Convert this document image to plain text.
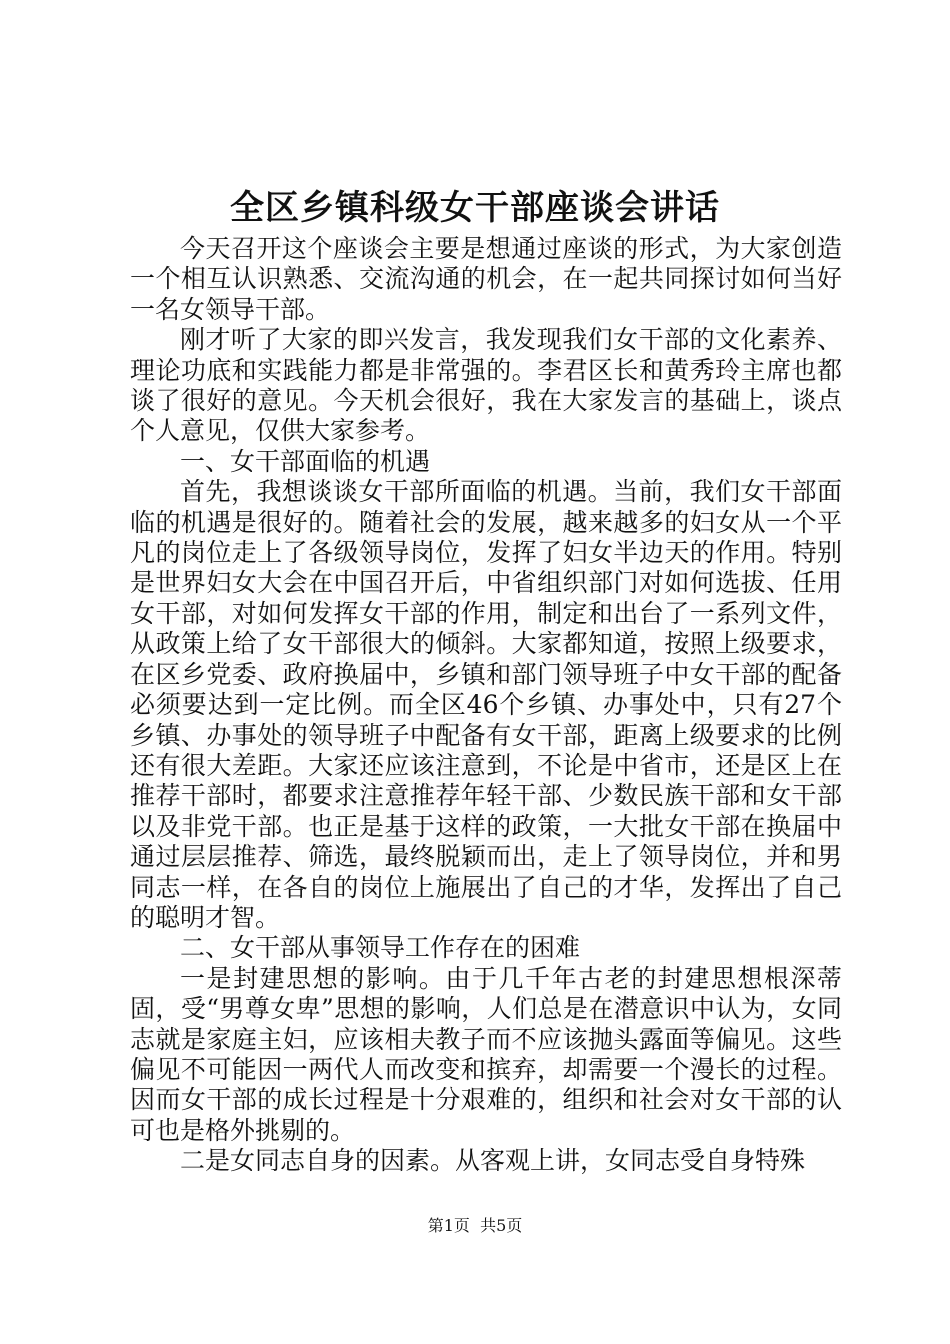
全区乡镇科级女干部座谈会讲话

今天召开这个座谈会主要是想通过座谈的形式，为大家创造一个相互认识熟悉、交流沟通的机会，在一起共同探讨如何当好一名女领导干部。

刚才听了大家的即兴发言，我发现我们女干部的文化素养、理论功底和实践能力都是非常强的。李君区长和黄秀玲主席也都谈了很好的意见。今天机会很好，我在大家发言的基础上，谈点个人意见，仅供大家参考。

一、女干部面临的机遇

首先，我想谈谈女干部所面临的机遇。当前，我们女干部面临的机遇是很好的。随着社会的发展，越来越多的妇女从一个平凡的岗位走上了各级领导岗位，发挥了妇女半边天的作用。特别是世界妇女大会在中国召开后，中省组织部门对如何选拔、任用女干部，对如何发挥女干部的作用，制定和出台了一系列文件，从政策上给了女干部很大的倾斜。大家都知道，按照上级要求，在区乡党委、政府换届中，乡镇和部门领导班子中女干部的配备必须要达到一定比例。而全区46个乡镇、办事处中，只有27个乡镇、办事处的领导班子中配备有女干部，距离上级要求的比例还有很大差距。大家还应该注意到，不论是中省市，还是区上在推荐干部时，都要求注意推荐年轻干部、少数民族干部和女干部以及非党干部。也正是基于这样的政策，一大批女干部在换届中通过层层推荐、筛选，最终脱颖而出，走上了领导岗位，并和男同志一样，在各自的岗位上施展出了自己的才华，发挥出了自己的聪明才智。

二、女干部从事领导工作存在的困难

一是封建思想的影响。由于几千年古老的封建思想根深蒂固，受“男尊女卑”思想的影响，人们总是在潜意识中认为，女同志就是家庭主妇，应该相夫教子而不应该抛头露面等偏见。这些偏见不可能因一两代人而改变和摈弃，却需要一个漫长的过程。因而女干部的成长过程是十分艰难的，组织和社会对女干部的认可也是格外挑剔的。

二是女同志自身的因素。从客观上讲，女同志受自身特殊

第1页  共5页
